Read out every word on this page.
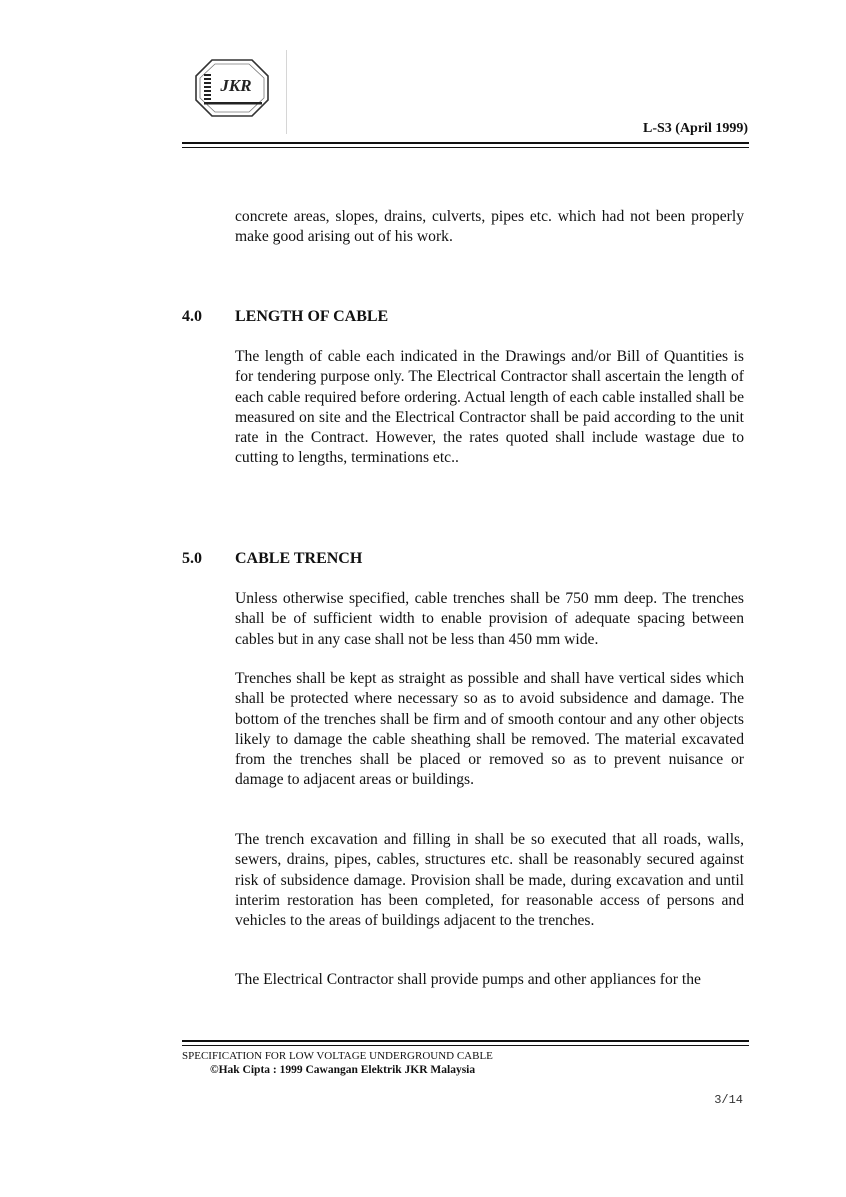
JKR
L-S3 (April 1999)

concrete areas, slopes, drains, culverts, pipes etc. which had not been properly make good arising out of his work.

4.0 LENGTH OF CABLE

The length of cable each indicated in the Drawings and/or Bill of Quantities is for tendering purpose only. The Electrical Contractor shall ascertain the length of each cable required before ordering. Actual length of each cable installed shall be measured on site and the Electrical Contractor shall be paid according to the unit rate in the Contract. However, the rates quoted shall include wastage due to cutting to lengths, terminations etc..

5.0 CABLE TRENCH

Unless otherwise specified, cable trenches shall be 750 mm deep. The trenches shall be of sufficient width to enable provision of adequate spacing between cables but in any case shall not be less than 450 mm wide.

Trenches shall be kept as straight as possible and shall have vertical sides which shall be protected where necessary so as to avoid subsidence and damage. The bottom of the trenches shall be firm and of smooth contour and any other objects likely to damage the cable sheathing shall be removed. The material excavated from the trenches shall be placed or removed so as to prevent nuisance or damage to adjacent areas or buildings.

The trench excavation and filling in shall be so executed that all roads, walls, sewers, drains, pipes, cables, structures etc. shall be reasonably secured against risk of subsidence damage. Provision shall be made, during excavation and until interim restoration has been completed, for reasonable access of persons and vehicles to the areas of buildings adjacent to the trenches.

The Electrical Contractor shall provide pumps and other appliances for the

SPECIFICATION FOR LOW VOLTAGE UNDERGROUND CABLE
©Hak Cipta : 1999 Cawangan Elektrik JKR Malaysia
3/14
